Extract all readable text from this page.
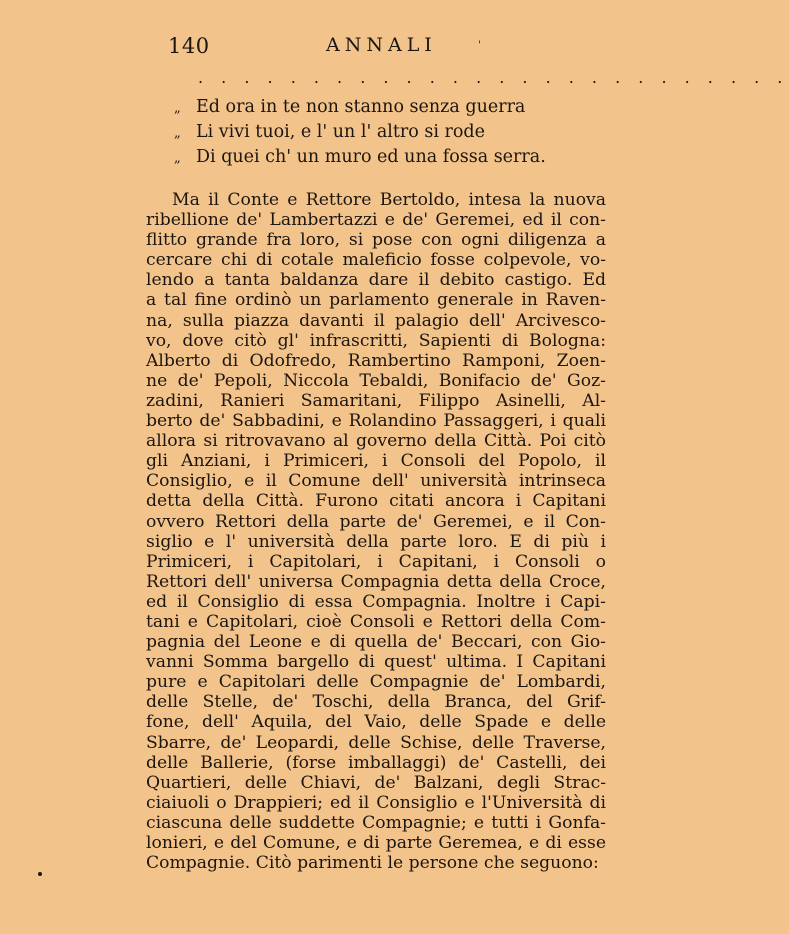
140	ANNALI	'
. . . . . . . . . . . . . . . . . . . . . . . . . .
„ Ed ora in te non stanno senza guerra
„ Li vivi tuoi, e l' un l' altro si rode
„ Di quei ch' un muro ed una fossa serra.
Ma il Conte e Rettore Bertoldo, intesa la nuova
ribellione de' Lambertazzi e de' Geremei, ed il con-
flitto grande fra loro, si pose con ogni diligenza a
cercare chi di cotale maleficio fosse colpevole, vo-
lendo a tanta baldanza dare il debito castigo. Ed
a tal fine ordinò un parlamento generale in Raven-
na, sulla piazza davanti il palagio dell' Arcivesco-
vo, dove citò gl' infrascritti, Sapienti di Bologna:
Alberto di Odofredo, Rambertino Ramponi, Zoen-
ne de' Pepoli, Niccola Tebaldi, Bonifacio de' Goz-
zadini, Ranieri Samaritani, Filippo Asinelli, Al-
berto de' Sabbadini, e Rolandino Passaggeri, i quali
allora si ritrovavano al governo della Città. Poi citò
gli Anziani, i Primiceri, i Consoli del Popolo, il
Consiglio, e il Comune dell' università intrinseca
detta della Città. Furono citati ancora i Capitani
ovvero Rettori della parte de' Geremei, e il Con-
siglio e l' università della parte loro. E di più i
Primiceri, i Capitolari, i Capitani, i Consoli o
Rettori dell' universa Compagnia detta della Croce,
ed il Consiglio di essa Compagnia. Inoltre i Capi-
tani e Capitolari, cioè Consoli e Rettori della Com-
pagnia del Leone e di quella de' Beccari, con Gio-
vanni Somma bargello di quest' ultima. I Capitani
pure e Capitolari delle Compagnie de' Lombardi,
delle Stelle, de' Toschi, della Branca, del Grif-
fone, dell' Aquila, del Vaio, delle Spade e delle
Sbarre, de' Leopardi, delle Schise, delle Traverse,
delle Ballerie, (forse imballaggi) de' Castelli, dei
Quartieri, delle Chiavi, de' Balzani, degli Strac-
ciaiuoli o Drappieri; ed il Consiglio e l'Università di
ciascuna delle suddette Compagnie; e tutti i Gonfa-
lonieri, e del Comune, e di parte Geremea, e di esse
Compagnie. Citò parimenti le persone che seguono:
